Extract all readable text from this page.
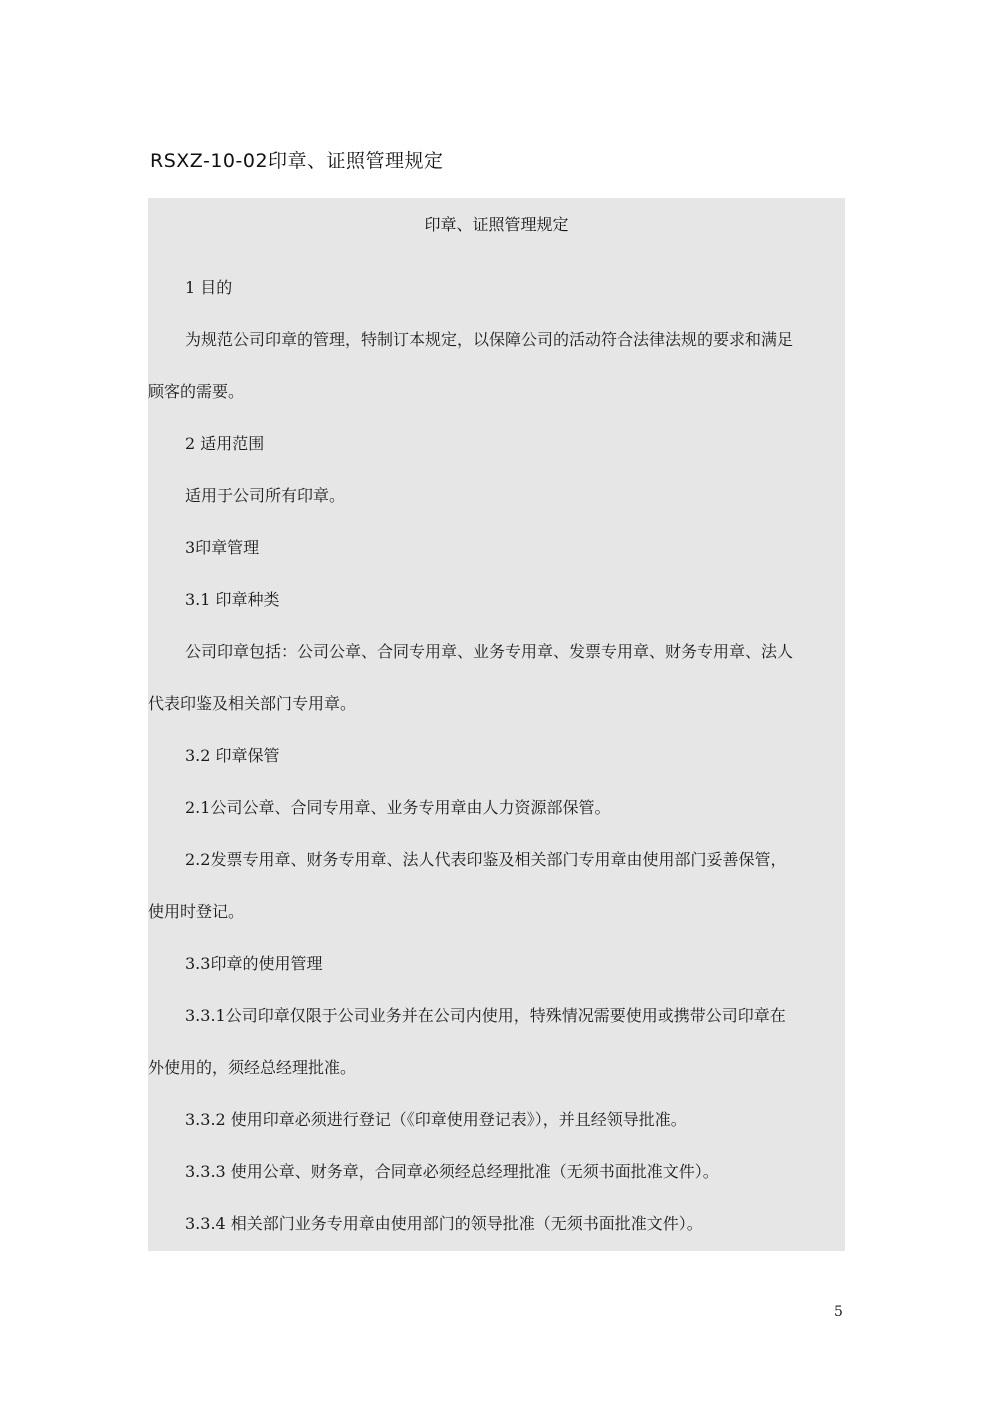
RSXZ-10-02印章、证照管理规定
印章、证照管理规定
1 目的
为规范公司印章的管理，特制订本规定，以保障公司的活动符合法律法规的要求和满足
顾客的需要。
2 适用范围
适用于公司所有印章。
3印章管理
3.1 印章种类
公司印章包括：公司公章、合同专用章、业务专用章、发票专用章、财务专用章、法人
代表印鉴及相关部门专用章。
3.2 印章保管
2.1公司公章、合同专用章、业务专用章由人力资源部保管。
2.2发票专用章、财务专用章、法人代表印鉴及相关部门专用章由使用部门妥善保管，
使用时登记。
3.3印章的使用管理
3.3.1公司印章仅限于公司业务并在公司内使用，特殊情况需要使用或携带公司印章在
外使用的，须经总经理批准。
3.3.2 使用印章必须进行登记（《印章使用登记表》），并且经领导批准。
3.3.3 使用公章、财务章，合同章必须经总经理批准（无须书面批准文件）。
3.3.4 相关部门业务专用章由使用部门的领导批准（无须书面批准文件）。
5
